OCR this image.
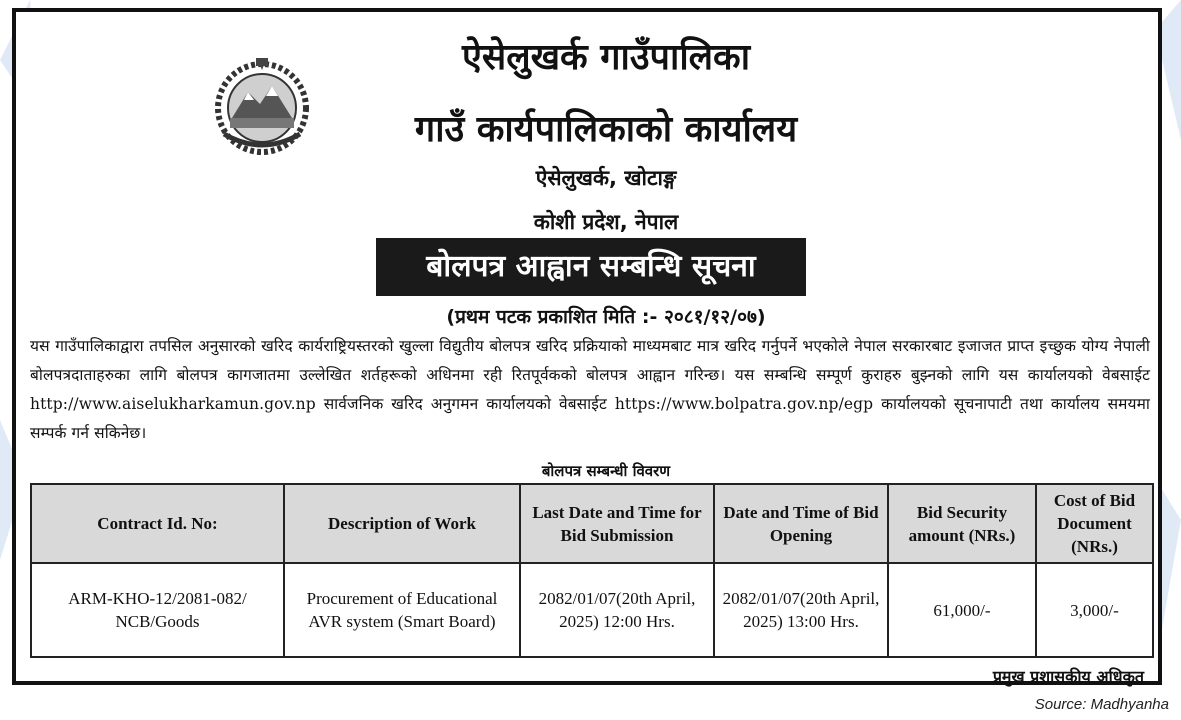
ऐसेलुखर्क गाउँपालिका
गाउँ कार्यपालिकाको कार्यालय
ऐसेलुखर्क, खोटाङ्ग
कोशी प्रदेश, नेपाल
बोलपत्र आह्वान सम्बन्धि सूचना
(प्रथम पटक प्रकाशित मिति :- २०८१/१२/०७)
यस गाउँपालिकाद्वारा तपसिल अनुसारको खरिद कार्यराष्ट्रियस्तरको खुल्ला विद्युतीय बोलपत्र खरिद प्रक्रियाको माध्यमबाट मात्र खरिद गर्नुपर्ने भएकोले नेपाल सरकारबाट इजाजत प्राप्त इच्छुक योग्य नेपाली बोलपत्रदाताहरुका लागि बोलपत्र कागजातमा उल्लेखित शर्तहरूको अधिनमा रही रितपूर्वकको बोलपत्र आह्वान गरिन्छ। यस सम्बन्धि सम्पूर्ण कुराहरु बुझ्नको लागि यस कार्यालयको वेबसाईट http://www.aiselukharkamun.gov.np सार्वजनिक खरिद अनुगमन कार्यालयको वेबसाईट https://www.bolpatra.gov.np/egp कार्यालयको सूचनापाटी तथा कार्यालय समयमा सम्पर्क गर्न सकिनेछ।
बोलपत्र सम्बन्धी विवरण
Contract Id. No:	Description of Work	Last Date and Time for Bid Submission	Date and Time of Bid Opening	Bid Security amount (NRs.)	Cost of Bid Document (NRs.)
ARM-KHO-12/2081-082/ NCB/Goods	Procurement of Educational AVR system (Smart Board)	2082/01/07(20th April, 2025) 12:00 Hrs.	2082/01/07(20th April, 2025) 13:00 Hrs.	61,000/-	3,000/-
प्रमुख प्रशासकीय अधिकृत
Source: Madhyanha
